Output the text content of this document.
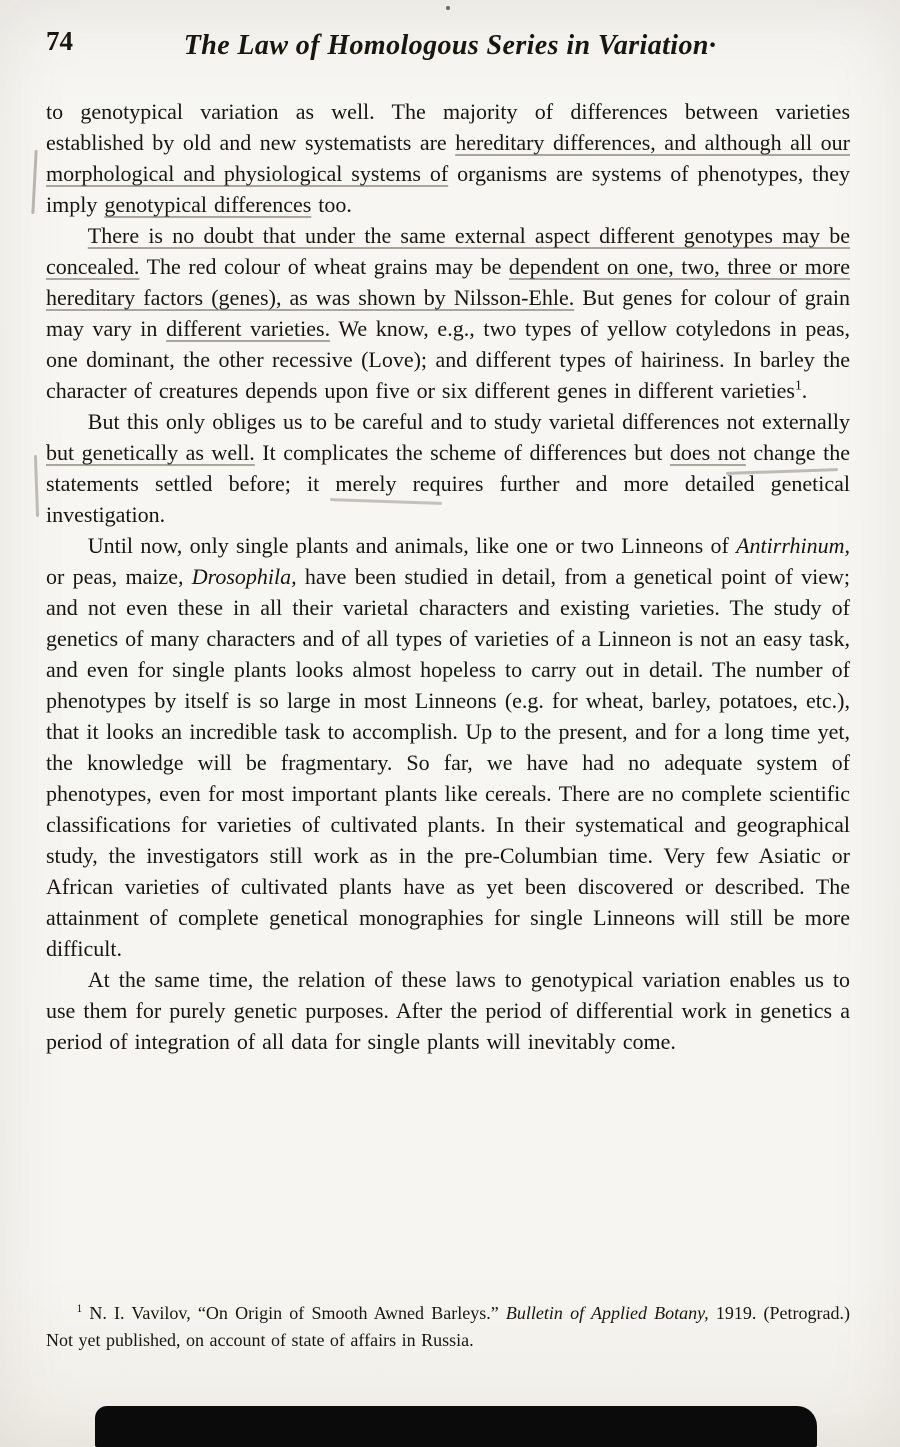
74	The Law of Homologous Series in Variation·

to genotypical variation as well. The majority of differences between varieties established by old and new systematists are hereditary differences, and although all our morphological and physiological systems of organisms are systems of phenotypes, they imply genotypical differences too.

There is no doubt that under the same external aspect different genotypes may be concealed. The red colour of wheat grains may be dependent on one, two, three or more hereditary factors (genes), as was shown by Nilsson-Ehle. But genes for colour of grain may vary in different varieties. We know, e.g., two types of yellow cotyledons in peas, one dominant, the other recessive (Love); and different types of hairiness. In barley the character of creatures depends upon five or six different genes in different varieties$^1$.

But this only obliges us to be careful and to study varietal differences not externally but genetically as well. It complicates the scheme of differences but does not change the statements settled before; it merely requires further and more detailed genetical investigation.

Until now, only single plants and animals, like one or two Linneons of Antirrhinum, or peas, maize, Drosophila, have been studied in detail, from a genetical point of view; and not even these in all their varietal characters and existing varieties. The study of genetics of many characters and of all types of varieties of a Linneon is not an easy task, and even for single plants looks almost hopeless to carry out in detail. The number of phenotypes by itself is so large in most Linneons (e.g. for wheat, barley, potatoes, etc.), that it looks an incredible task to accomplish. Up to the present, and for a long time yet, the knowledge will be fragmentary. So far, we have had no adequate system of phenotypes, even for most important plants like cereals. There are no complete scientific classifications for varieties of cultivated plants. In their systematical and geographical study, the investigators still work as in the pre-Columbian time. Very few Asiatic or African varieties of cultivated plants have as yet been discovered or described. The attainment of complete genetical monographies for single Linneons will still be more difficult.

At the same time, the relation of these laws to genotypical variation enables us to use them for purely genetic purposes. After the period of differential work in genetics a period of integration of all data for single plants will inevitably come.

$^1$ N. I. Vavilov, “On Origin of Smooth Awned Barleys.” Bulletin of Applied Botany, 1919. (Petrograd.) Not yet published, on account of state of affairs in Russia.
